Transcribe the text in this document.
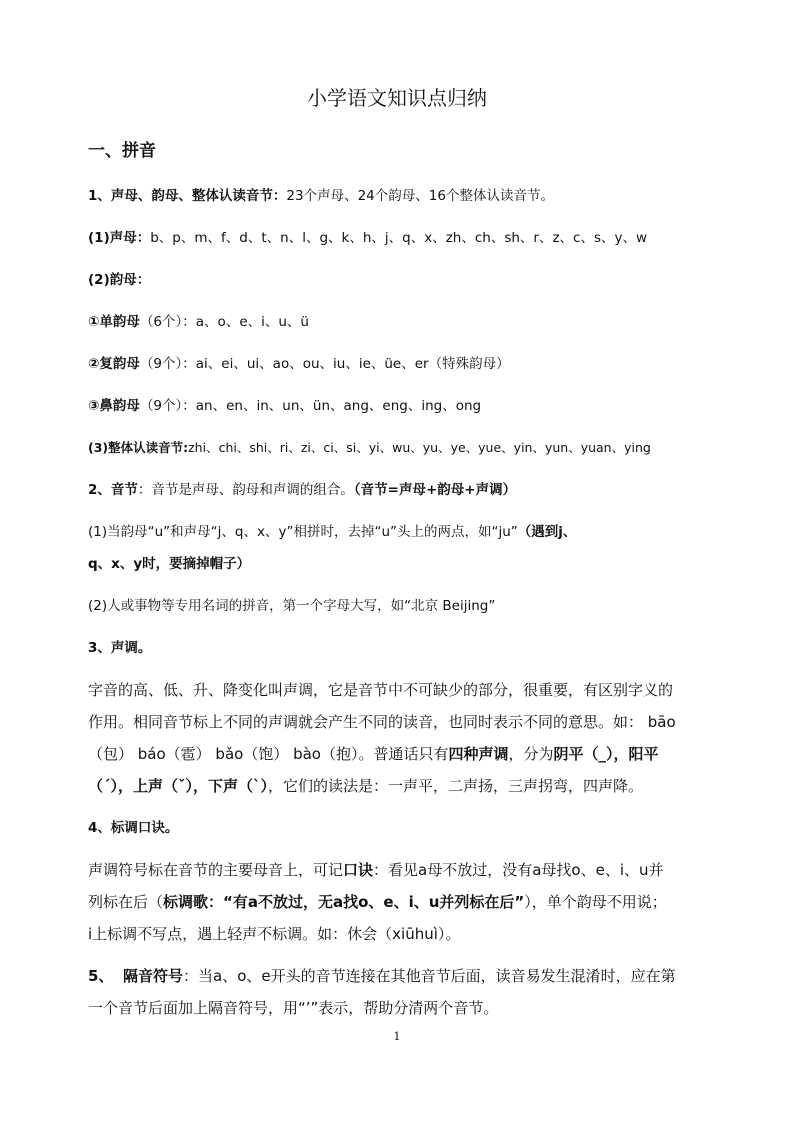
小学语文知识点归纳
一、拼音
1、声母、韵母、整体认读音节：23个声母、24个韵母、16个整体认读音节。
(1)声母：b、p、m、f、d、t、n、l、g、k、h、j、q、x、zh、ch、sh、r、z、c、s、y、w
(2)韵母：
①单韵母（6个）：a、o、e、i、u、ü
②复韵母（9个）：ai、ei、ui、ao、ou、iu、ie、üe、er（特殊韵母）
③鼻韵母（9个）：an、en、in、un、ün、ang、eng、ing、ong
(3)整体认读音节:zhi、chi、shi、ri、zi、ci、si、yi、wu、yu、ye、yue、yin、yun、yuan、ying
2、音节：音节是声母、韵母和声调的组合。（音节=声母+韵母+声调）
(1)当韵母“u”和声母“j、q、x、y”相拼时，去掉“u”头上的两点，如“ju”（遇到j、
q、x、y时，要摘掉帽子）
(2)人或事物等专用名词的拼音，第一个字母大写，如“北京 Beijing”
3、声调。
字音的高、低、升、降变化叫声调，它是音节中不可缺少的部分，很重要，有区别字义的
作用。相同音节标上不同的声调就会产生不同的读音，也同时表示不同的意思。如： bāo
（包） báo（雹） bǎo（饱） bào（抱）。普通话只有四种声调，分为阴平（_），阳平
（ˊ），上声（ˇ），下声（ˋ），它们的读法是：一声平，二声扬，三声拐弯，四声降。
4、标调口诀。
声调符号标在音节的主要母音上，可记口诀：看见a母不放过，没有a母找o、e、i、u并
列标在后（标调歌：“有a不放过，无a找o、e、i、u并列标在后”），单个韵母不用说；
i上标调不写点，遇上轻声不标调。如：休会（xiūhuì）。
5、 隔音符号：当a、o、e开头的音节连接在其他音节后面，读音易发生混淆时，应在第
一个音节后面加上隔音符号，用“’”表示，帮助分清两个音节。
1
